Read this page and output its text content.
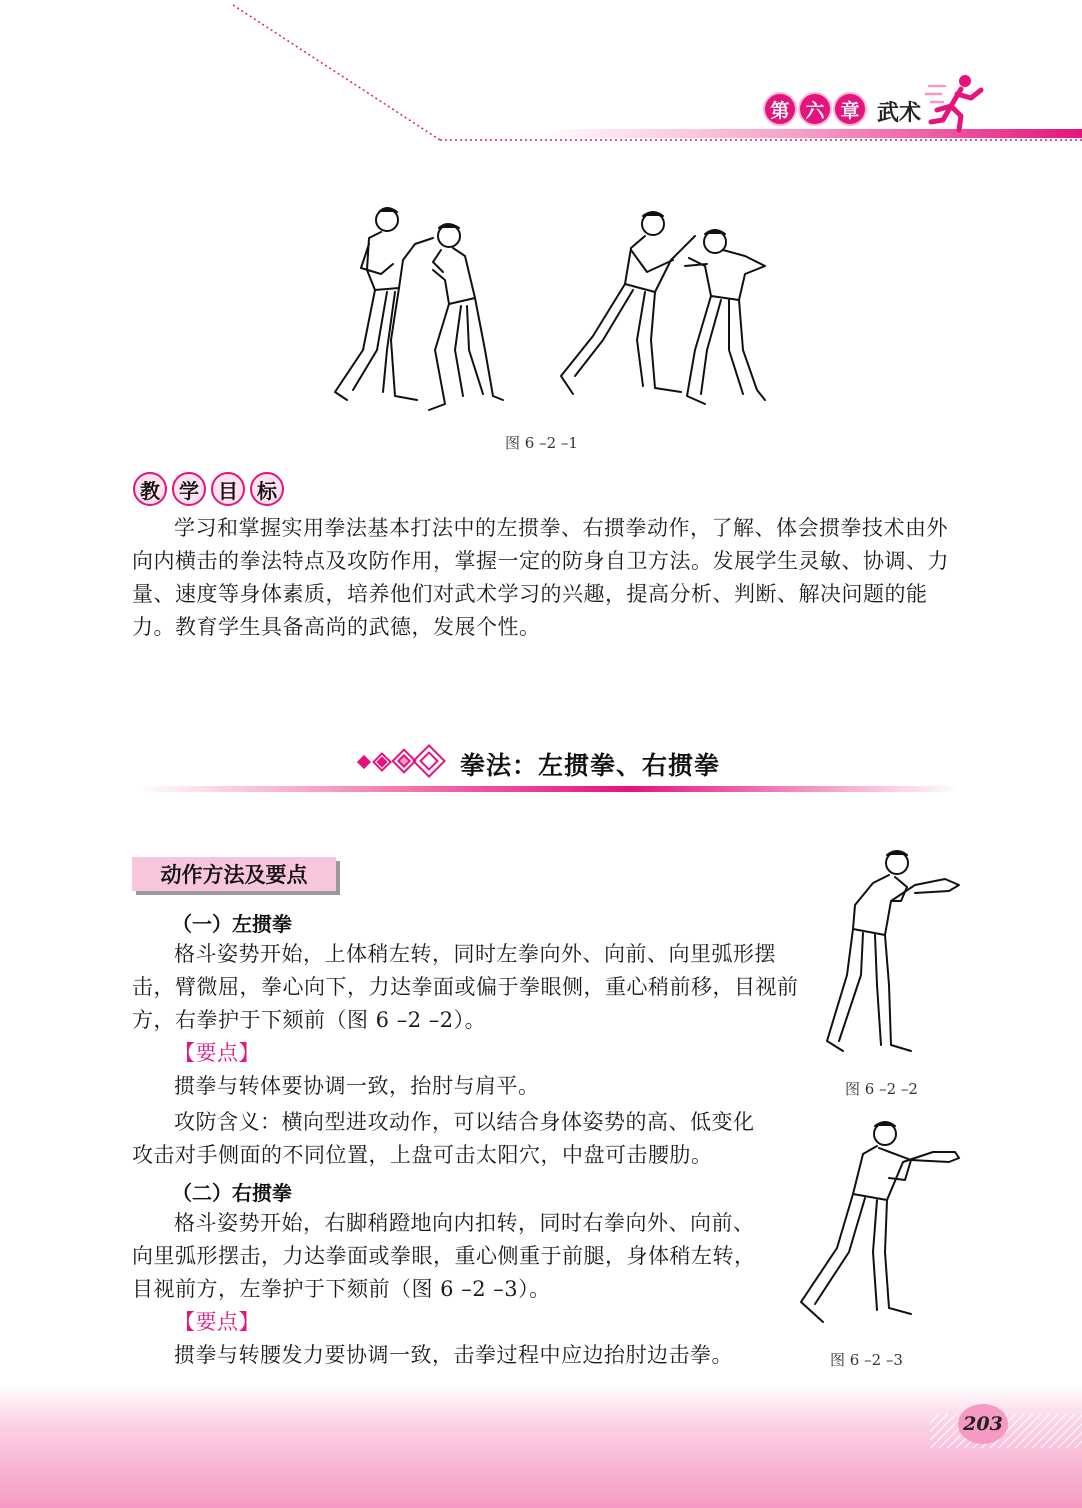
第 六 章 武术
图 6 –2 –1
教 学 目 标

学习和掌握实用拳法基本打法中的左掼拳、右掼拳动作，了解、体会掼拳技术由外

向内横击的拳法特点及攻防作用，掌握一定的防身自卫方法。发展学生灵敏、协调、力

量、速度等身体素质，培养他们对武术学习的兴趣，提高分析、判断、解决问题的能

力。教育学生具备高尚的武德，发展个性。

拳法：左掼拳、右掼拳
动作方法及要点
（一）左掼拳

格斗姿势开始，上体稍左转，同时左拳向外、向前、向里弧形摆

击，臂微屈，拳心向下，力达拳面或偏于拳眼侧，重心稍前移，目视前

方，右拳护于下颏前（图 6 –2 –2）。

【要点】

掼拳与转体要协调一致，抬肘与肩平。

攻防含义：横向型进攻动作，可以结合身体姿势的高、低变化

攻击对手侧面的不同位置，上盘可击太阳穴，中盘可击腰肋。

（二）右掼拳

格斗姿势开始，右脚稍蹬地向内扣转，同时右拳向外、向前、

向里弧形摆击，力达拳面或拳眼，重心侧重于前腿，身体稍左转，

目视前方，左拳护于下颏前（图 6 –2 –3）。

【要点】

掼拳与转腰发力要协调一致，击拳过程中应边抬肘边击拳。

图 6 –2 –2
图 6 –2 –3
203
